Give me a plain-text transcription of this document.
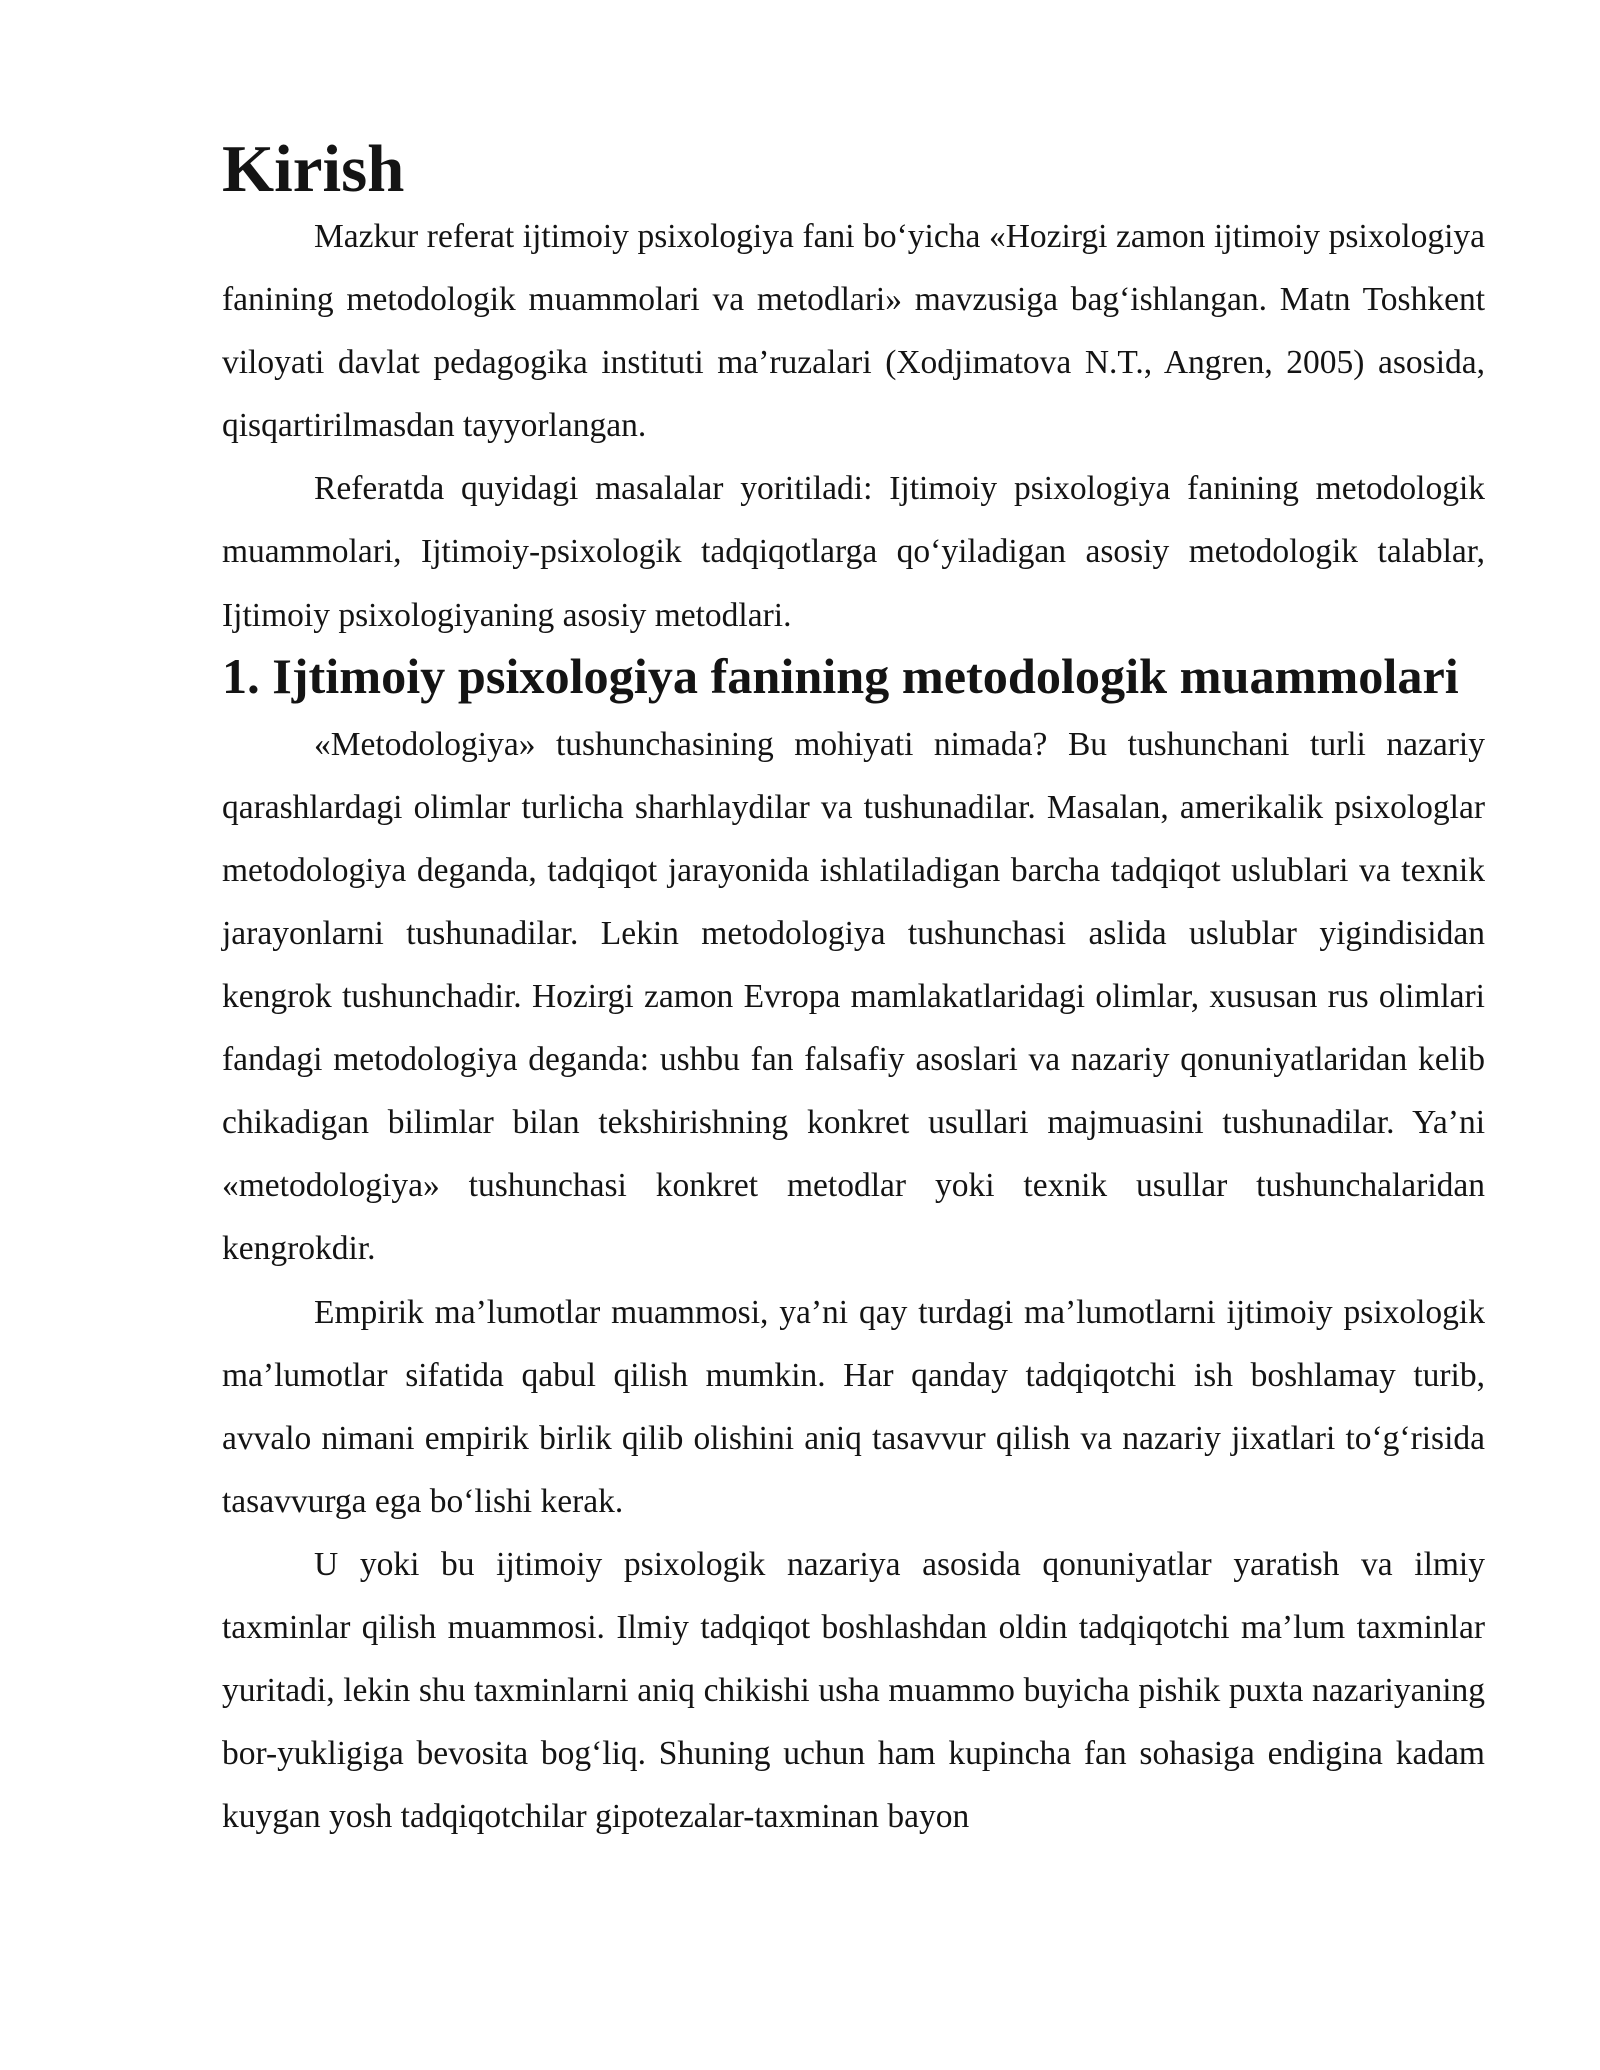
Kirish

Mazkur referat ijtimoiy psixologiya fani bo‘yicha «Hozirgi zamon ijtimoiy psixologiya fanining metodologik muammolari va metodlari» mavzusiga bag‘ishlangan. Matn Toshkent viloyati davlat pedagogika instituti ma’ruzalari (Xodjimatova N.T., Angren, 2005) asosida, qisqartirilmasdan tayyorlangan.

Referatda quyidagi masalalar yoritiladi: Ijtimoiy psixologiya fanining metodologik muammolari, Ijtimoiy-psixologik tadqiqotlarga qo‘yiladigan asosiy metodologik talablar, Ijtimoiy psixologiyaning asosiy metodlari.

1. Ijtimoiy psixologiya fanining metodologik muammolari

«Metodologiya» tushunchasining mohiyati nimada? Bu tushunchani turli nazariy qarashlardagi olimlar turlicha sharhlaydilar va tushunadilar. Masalan, amerikalik psixologlar metodologiya deganda, tadqiqot jarayonida ishlatiladigan barcha tadqiqot uslublari va texnik jarayonlarni tushunadilar. Lekin metodologiya tushunchasi aslida uslublar yigindisidan kengrok tushunchadir. Hozirgi zamon Evropa mamlakatlaridagi olimlar, xususan rus olimlari fandagi metodologiya deganda: ushbu fan falsafiy asoslari va nazariy qonuniyatlaridan kelib chikadigan bilimlar bilan tekshirishning konkret usullari majmuasini tushunadilar. Ya’ni «metodologiya» tushunchasi konkret metodlar yoki texnik usullar tushunchalaridan kengrokdir.

Empirik ma’lumotlar muammosi, ya’ni qay turdagi ma’lumotlarni ijtimoiy psixologik ma’lumotlar sifatida qabul qilish mumkin. Har qanday tadqiqotchi ish boshlamay turib, avvalo nimani empirik birlik qilib olishini aniq tasavvur qilish va nazariy jixatlari to‘g‘risida tasavvurga ega bo‘lishi kerak.

U yoki bu ijtimoiy psixologik nazariya asosida qonuniyatlar yaratish va ilmiy taxminlar qilish muammosi. Ilmiy tadqiqot boshlashdan oldin tadqiqotchi ma’lum taxminlar yuritadi, lekin shu taxminlarni aniq chikishi usha muammo buyicha pishik puxta nazariyaning bor-yukligiga bevosita bog‘liq. Shuning uchun ham kupincha fan sohasiga endigina kadam kuygan yosh tadqiqotchilar gipotezalar-taxminan bayon
